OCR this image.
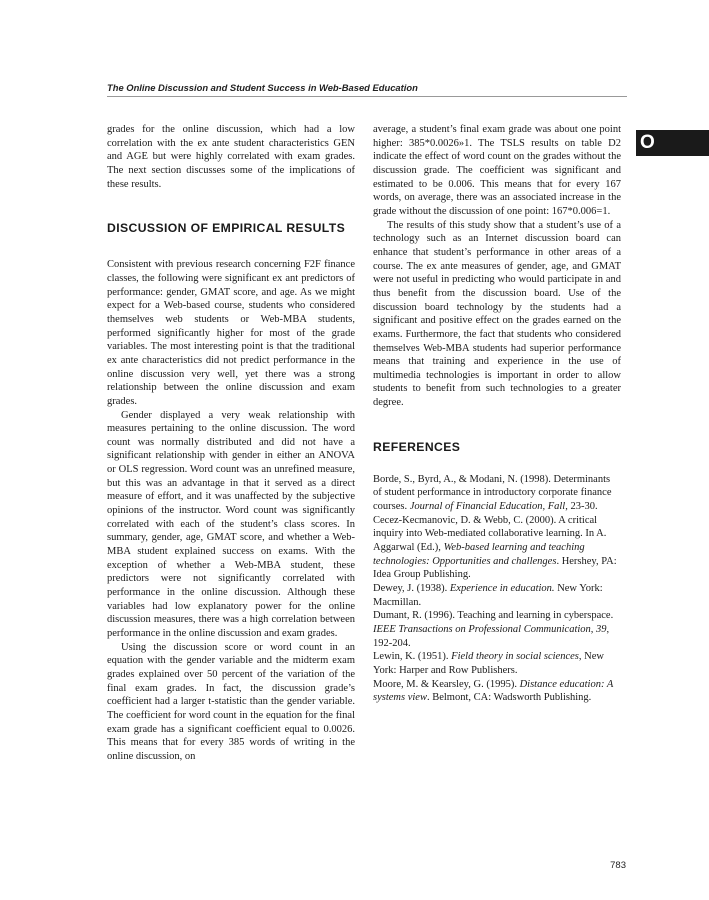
The Online Discussion and Student Success in Web-Based Education
O

grades for the online discussion, which had a low correlation with the ex ante student characteristics GEN and AGE but were highly correlated with exam grades. The next section discusses some of the implications of these results.

DISCUSSION OF EMPIRICAL RESULTS

Consistent with previous research concerning F2F finance classes, the following were significant ex ant predictors of performance: gender, GMAT score, and age. As we might expect for a Web-based course, students who considered themselves web students or Web-MBA students, performed significantly higher for most of the grade variables. The most interesting point is that the traditional ex ante characteristics did not predict performance in the online discussion very well, yet there was a strong relationship between the online discussion and exam grades.

Gender displayed a very weak relationship with measures pertaining to the online discussion. The word count was normally distributed and did not have a significant relationship with gender in either an ANOVA or OLS regression. Word count was an unrefined measure, but this was an advantage in that it served as a direct measure of effort, and it was unaffected by the subjective opinions of the instructor. Word count was significantly correlated with each of the student’s class scores. In summary, gender, age, GMAT score, and whether a Web-MBA student explained success on exams. With the exception of whether a Web-MBA student, these predictors were not significantly correlated with performance in the online discussion. Although these variables had low explanatory power for the online discussion measures, there was a high correlation between performance in the online discussion and exam grades.

Using the discussion score or word count in an equation with the gender variable and the midterm exam grades explained over 50 percent of the variation of the final exam grades. In fact, the discussion grade’s coefficient had a larger t-statistic than the gender variable. The coefficient for word count in the equation for the final exam grade has a significant coefficient equal to 0.0026. This means that for every 385 words of writing in the online discussion, on

average, a student’s final exam grade was about one point higher: 385*0.0026»1. The TSLS results on table D2 indicate the effect of word count on the grades without the discussion grade. The coefficient was significant and estimated to be 0.006. This means that for every 167 words, on average, there was an associated increase in the grade without the discussion of one point: 167*0.006=1.

The results of this study show that a student’s use of a technology such as an Internet discussion board can enhance that student’s performance in other areas of a course. The ex ante measures of gender, age, and GMAT were not useful in predicting who would participate in and thus benefit from the discussion board. Use of the discussion board technology by the students had a significant and positive effect on the grades earned on the exams. Furthermore, the fact that students who considered themselves Web-MBA students had superior performance means that training and experience in the use of multimedia technologies is important in order to allow students to benefit from such technologies to a greater degree.

REFERENCES

Borde, S., Byrd, A., & Modani, N. (1998). Determinants of student performance in introductory corporate finance courses. Journal of Financial Education, Fall, 23-30.

Cecez-Kecmanovic, D. & Webb, C. (2000). A critical inquiry into Web-mediated collaborative learning. In A. Aggarwal (Ed.), Web-based learning and teaching technologies: Opportunities and challenges. Hershey, PA: Idea Group Publishing.

Dewey, J. (1938). Experience in education. New York: Macmillan.

Dumant, R. (1996). Teaching and learning in cyberspace. IEEE Transactions on Professional Communication, 39, 192-204.

Lewin, K. (1951). Field theory in social sciences, New York: Harper and Row Publishers.

Moore, M. & Kearsley, G. (1995). Distance education: A systems view. Belmont, CA: Wadsworth Publishing.

783
